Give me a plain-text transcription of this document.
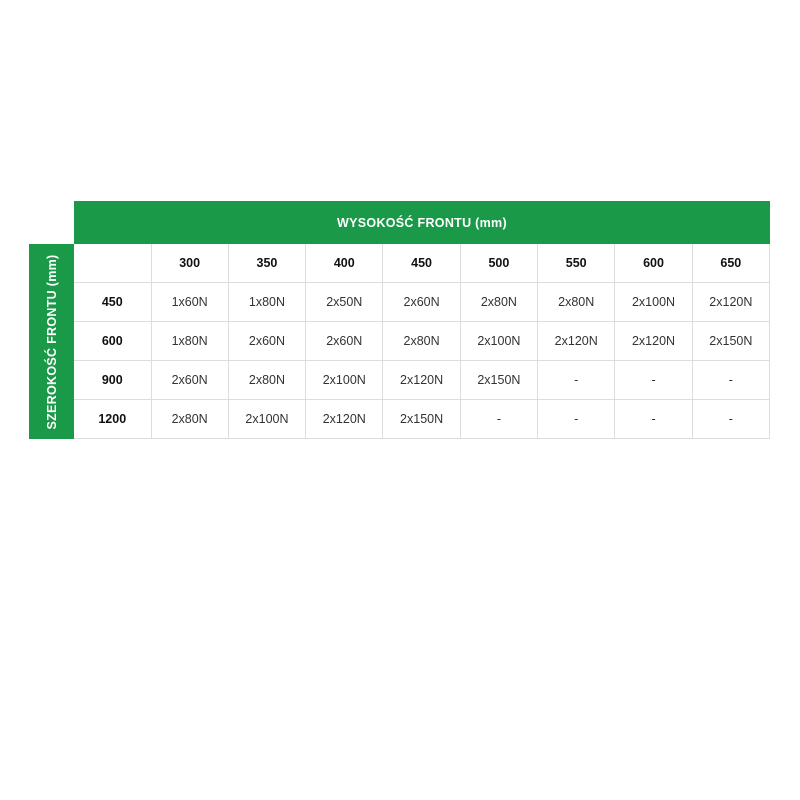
WYSOKOŚĆ FRONTU (mm)
SZEROKOŚĆ FRONTU (mm)
		300	350	400	450	500	550	600	650
450	1x60N	1x80N	2x50N	2x60N	2x80N	2x80N	2x100N	2x120N
600	1x80N	2x60N	2x60N	2x80N	2x100N	2x120N	2x120N	2x150N
900	2x60N	2x80N	2x100N	2x120N	2x150N	-	-	-
1200	2x80N	2x100N	2x120N	2x150N	-	-	-	-
